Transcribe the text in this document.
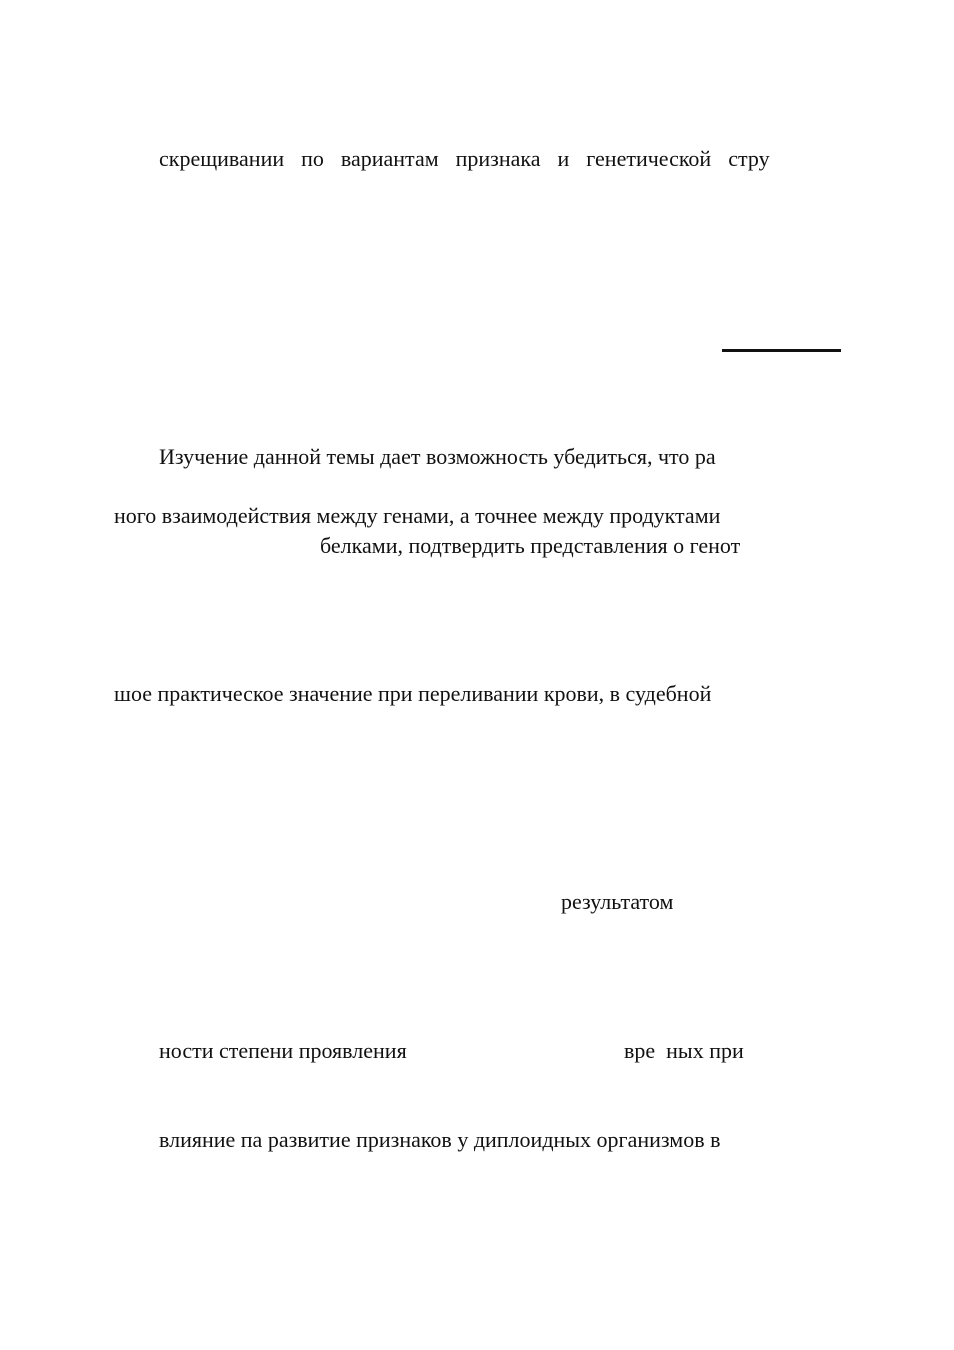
скрещивании  по  вариантам  признака  и  генетической  стру

Изучение данной темы дает возможность убедиться, что ра

ного взаимодействия между генами, а точнее между продуктами

белками, подтвердить представления о генот

шое практическое значение при переливании крови, в судебной

результатом

ности степени проявления	вре  ных при

влияние па развитие признаков у диплоидных организмов в
